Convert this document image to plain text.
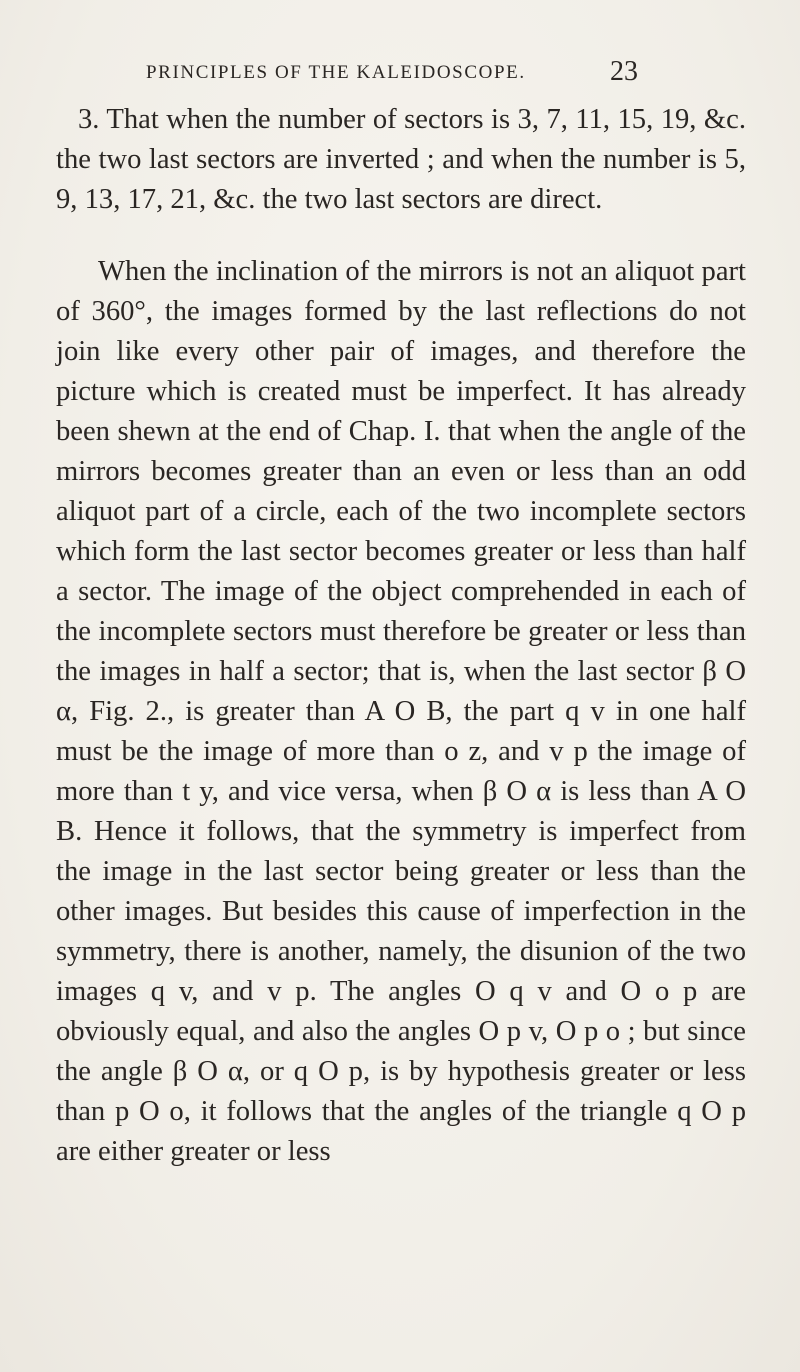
PRINCIPLES OF THE KALEIDOSCOPE.	23

3. That when the number of sectors is 3, 7, 11, 15, 19, &c. the two last sectors are inverted ; and when the number is 5, 9, 13, 17, 21, &c. the two last sectors are direct.

When the inclination of the mirrors is not an aliquot part of 360°, the images formed by the last reflections do not join like every other pair of images, and therefore the picture which is created must be imperfect. It has already been shewn at the end of Chap. I. that when the angle of the mirrors becomes greater than an even or less than an odd aliquot part of a circle, each of the two incomplete sectors which form the last sector becomes greater or less than half a sector. The image of the object comprehended in each of the incomplete sectors must therefore be greater or less than the images in half a sector; that is, when the last sector β O α, Fig. 2., is greater than A O B, the part q v in one half must be the image of more than o z, and v p the image of more than t y, and vice versa, when β O α is less than A O B. Hence it follows, that the symmetry is imperfect from the image in the last sector being greater or less than the other images. But besides this cause of imperfection in the symmetry, there is another, namely, the disunion of the two images q v, and v p. The angles O q v and O o p are obviously equal, and also the angles O p v, O p o ; but since the angle β O α, or q O p, is by hypothesis greater or less than p O o, it follows that the angles of the triangle q O p are either greater or less
